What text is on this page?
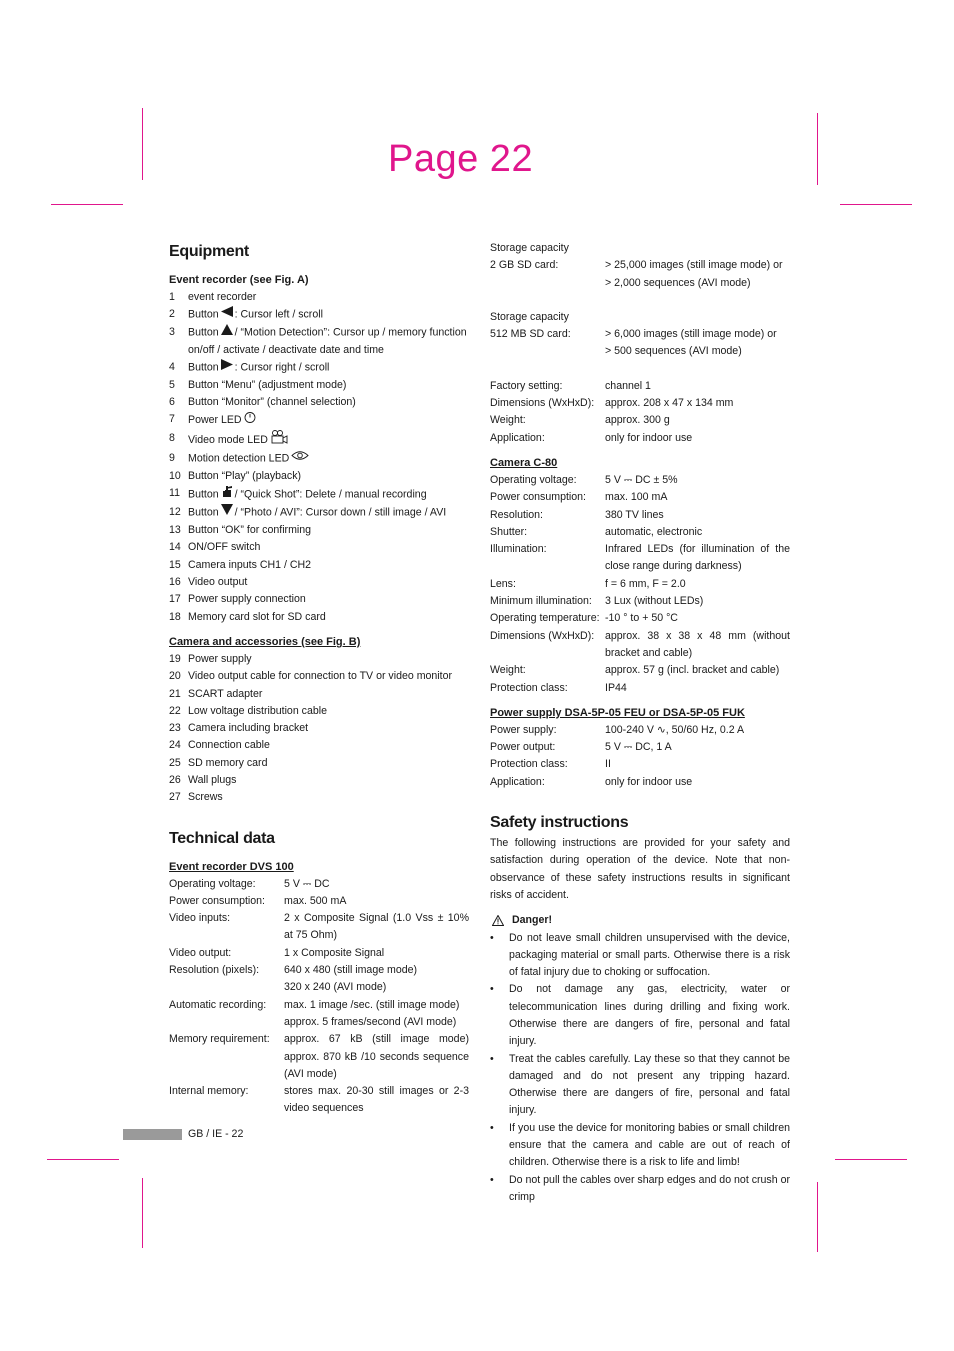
Page 22
Equipment
Event recorder (see Fig. A)
1 event recorder
2 Button : Cursor left / scroll
3 Button / “Motion Detection”: Cursor up / memory function on/off / activate / deactivate date and time
4 Button : Cursor right / scroll
5 Button “Menu” (adjustment mode)
6 Button “Monitor” (channel selection)
7 Power LED
8 Video mode LED
9 Motion detection LED
10 Button “Play” (playback)
11 Button / “Quick Shot”: Delete / manual recording
12 Button / “Photo / AVI”: Cursor down / still image / AVI
13 Button “OK” for confirming
14 ON/OFF switch
15 Camera inputs CH1 / CH2
16 Video output
17 Power supply connection
18 Memory card slot for SD card
Camera and accessories (see Fig. B)
19 Power supply
20 Video output cable for connection to TV or video monitor
21 SCART adapter
22 Low voltage distribution cable
23 Camera including bracket
24 Connection cable
25 SD memory card
26 Wall plugs
27 Screws
Technical data
Event recorder DVS 100
Operating voltage:	5 V ⎓ DC
Power consumption:	max. 500 mA
Video inputs:	2 x Composite Signal (1.0 Vss ± 10% at 75 Ohm)
Video output:	1 x Composite Signal
Resolution (pixels):	640 x 480 (still image mode)
320 x 240 (AVI mode)
Automatic recording:	max. 1 image /sec. (still image mode)
approx. 5 frames/second (AVI mode)
Memory requirement:	approx. 67 kB (still image mode) approx. 870 kB /10 seconds sequence (AVI mode)
Internal memory:	stores max. 20-30 still images or 2-3 video sequences
Storage capacity
2 GB SD card:	> 25,000 images (still image mode) or
> 2,000 sequences (AVI mode)
Storage capacity
512 MB SD card:	> 6,000 images (still image mode) or
> 500 sequences (AVI mode)
Factory setting:	channel 1
Dimensions (WxHxD):	approx. 208 x 47 x 134 mm
Weight:	approx. 300 g
Application:	only for indoor use
Camera C-80
Operating voltage:	5 V ⎓ DC ± 5%
Power consumption:	max. 100 mA
Resolution:	380 TV lines
Shutter:	automatic, electronic
Illumination:	Infrared LEDs (for illumination of the close range during darkness)
Lens:	f = 6 mm, F = 2.0
Minimum illumination:	3 Lux (without LEDs)
Operating temperature: -10 ° to + 50 °C
Dimensions (WxHxD):	approx. 38 x 38 x 48 mm (without bracket and cable)
Weight:	approx. 57 g (incl. bracket and cable)
Protection class:	IP44
Power supply DSA-5P-05 FEU or DSA-5P-05 FUK
Power supply:	100-240 V ∿, 50/60 Hz, 0.2 A
Power output:	5 V ⎓ DC, 1 A
Protection class:	II
Application:	only for indoor use
Safety instructions
The following instructions are provided for your safety and satisfaction during operation of the device. Note that non-observance of these safety instructions results in significant risks of accident.
Danger!
• Do not leave small children unsupervised with the device, packaging material or small parts. Otherwise there is a risk of fatal injury due to choking or suffocation.
• Do not damage any gas, electricity, water or telecommunication lines during drilling and fixing work. Otherwise there are dangers of fire, personal and fatal injury.
• Treat the cables carefully. Lay these so that they cannot be damaged and do not present any tripping hazard. Otherwise there are dangers of fire, personal and fatal injury.
• If you use the device for monitoring babies or small children ensure that the camera and cable are out of reach of children. Otherwise there is a risk to life and limb!
• Do not pull the cables over sharp edges and do not crush or crimp
GB / IE - 22
